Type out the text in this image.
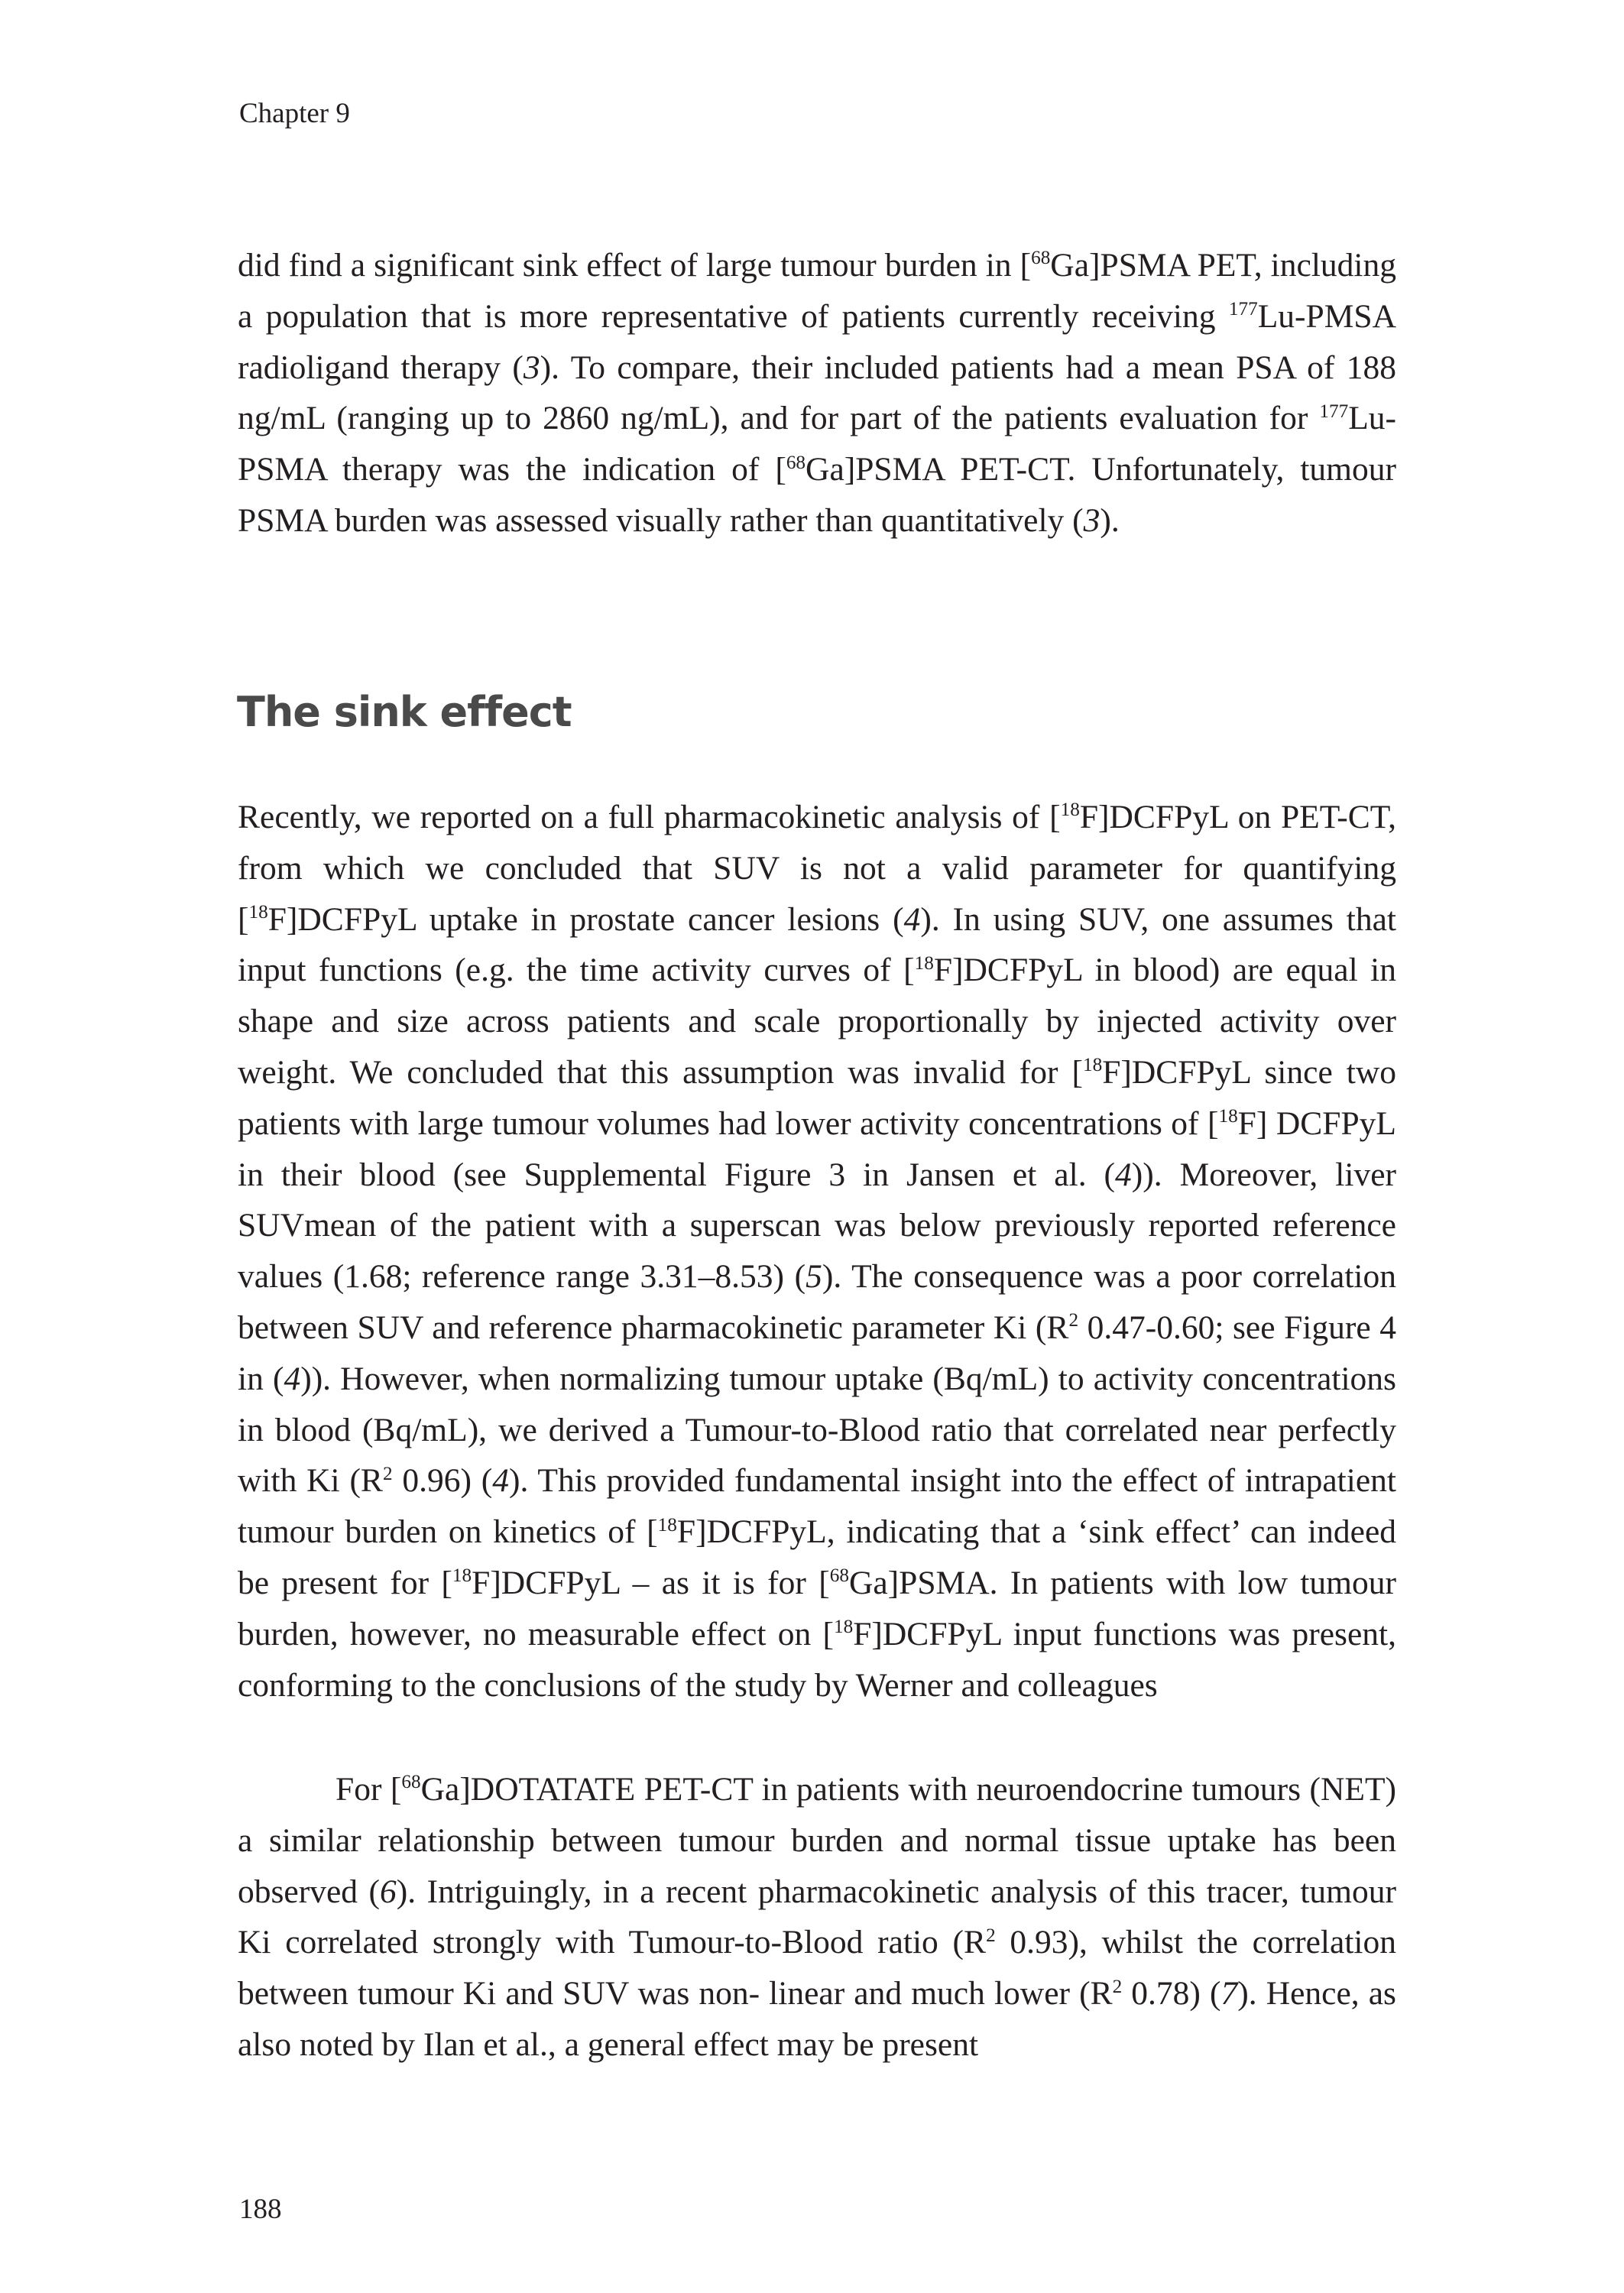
Chapter 9

did find a significant sink effect of large tumour burden in [$^{68}$Ga]PSMA PET, including a population that is more representative of patients currently receiving $^{177}$Lu-PMSA radioligand therapy (3). To compare, their included patients had a mean PSA of 188 ng/mL (ranging up to 2860 ng/mL), and for part of the patients evaluation for $^{177}$Lu-PSMA therapy was the indication of [$^{68}$Ga]PSMA PET-CT. Unfortunately, tumour PSMA burden was assessed visually rather than quantitatively (3).

The sink effect

Recently, we reported on a full pharmacokinetic analysis of [$^{18}$F]DCFPyL on PET-CT, from which we concluded that SUV is not a valid parameter for quantifying [$^{18}$F]DCFPyL uptake in prostate cancer lesions (4). In using SUV, one assumes that input functions (e.g. the time activity curves of [$^{18}$F]DCFPyL in blood) are equal in shape and size across patients and scale proportionally by injected activity over weight. We concluded that this assumption was invalid for [$^{18}$F]DCFPyL since two patients with large tumour volumes had lower activity concentrations of [$^{18}$F] DCFPyL in their blood (see Supplemental Figure 3 in Jansen et al. (4)). Moreover, liver SUVmean of the patient with a superscan was below previously reported reference values (1.68; reference range 3.31–8.53) (5). The consequence was a poor correlation between SUV and reference pharmacokinetic parameter Ki ($R^2$ 0.47-0.60; see Figure 4 in (4)). However, when normalizing tumour uptake (Bq/mL) to activity concentrations in blood (Bq/mL), we derived a Tumour-to-Blood ratio that correlated near perfectly with Ki ($R^2$ 0.96) (4). This provided fundamental insight into the effect of intrapatient tumour burden on kinetics of [$^{18}$F]DCFPyL, indicating that a ‘sink effect’ can indeed be present for [$^{18}$F]DCFPyL – as it is for [$^{68}$Ga]PSMA. In patients with low tumour burden, however, no measurable effect on [$^{18}$F]DCFPyL input functions was present, conforming to the conclusions of the study by Werner and colleagues

For [$^{68}$Ga]DOTATATE PET-CT in patients with neuroendocrine tumours (NET) a similar relationship between tumour burden and normal tissue uptake has been observed (6). Intriguingly, in a recent pharmacokinetic analysis of this tracer, tumour Ki correlated strongly with Tumour-to-Blood ratio ($R^2$ 0.93), whilst the correlation between tumour Ki and SUV was non- linear and much lower ($R^2$ 0.78) (7). Hence, as also noted by Ilan et al., a general effect may be present

188
